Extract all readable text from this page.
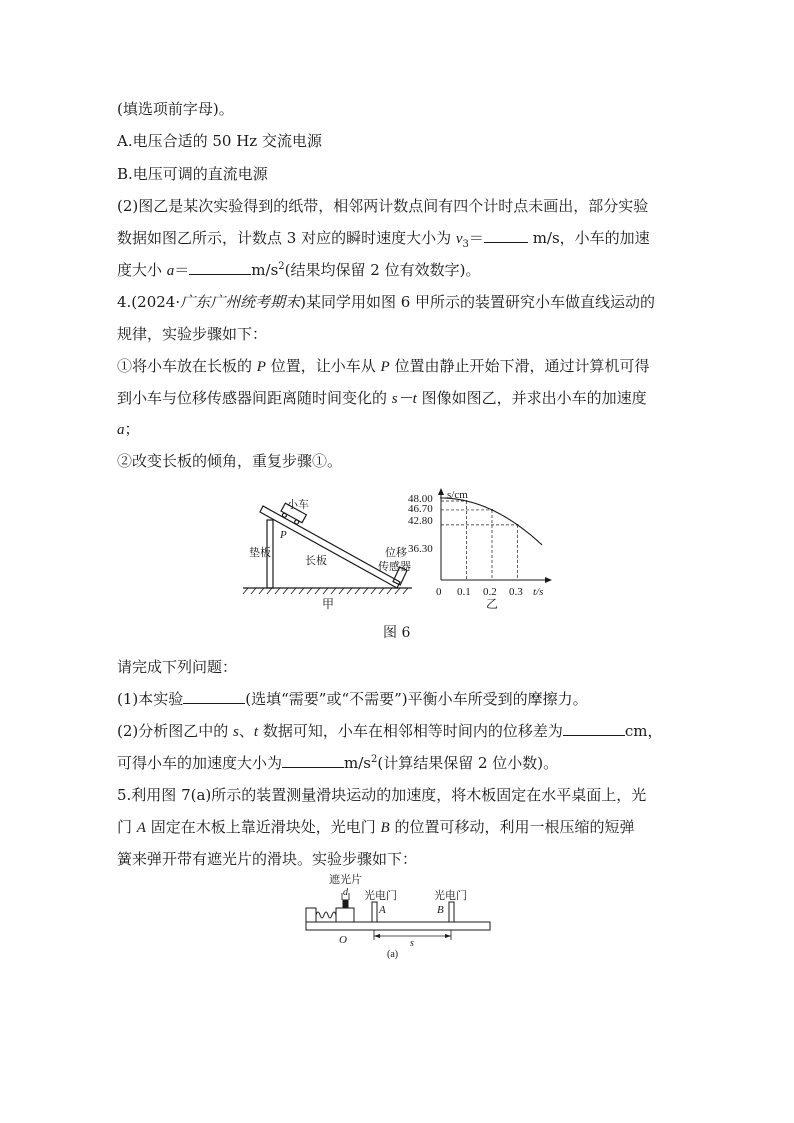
(填选项前字母)。
A.电压合适的 50 Hz 交流电源
B.电压可调的直流电源
(2)图乙是某次实验得到的纸带，相邻两计数点间有四个计时点未画出，部分实验
数据如图乙所示，计数点 3 对应的瞬时速度大小为 $v_3=$	m/s，小车的加速
度大小 a＝	$m/s^2$(结果均保留 2 位有效数字)。
4.(2024·广东广州统考期末)某同学用如图 6 甲所示的装置研究小车做直线运动的
规律，实验步骤如下：
①将小车放在长板的 P 位置，让小车从 P 位置由静止开始下滑，通过计算机可得
到小车与位移传感器间距离随时间变化的 s－t 图像如图乙，并求出小车的加速度
a；
②改变长板的倾角，重复步骤①。
小车
P
垫板
长板
位移
传感器
甲
s/cm
t/s
0
48.00
46.70
42.80
36.30
0.1 0.2 0.3
乙
图 6
请完成下列问题：
(1)本实验	(选填“需要”或“不需要”)平衡小车所受到的摩擦力。
(2)分析图乙中的 s、t 数据可知，小车在相邻相等时间内的位移差为	cm，
可得小车的加速度大小为	$m/s^2$(计算结果保留 2 位小数)。
5.利用图 7(a)所示的装置测量滑块运动的加速度，将木板固定在水平桌面上，光
门 A 固定在木板上靠近滑块处，光电门 B 的位置可移动，利用一根压缩的短弹
簧来弹开带有遮光片的滑块。实验步骤如下：
遮光片
d 光电门
A
光电门
B
O	s
(a)
